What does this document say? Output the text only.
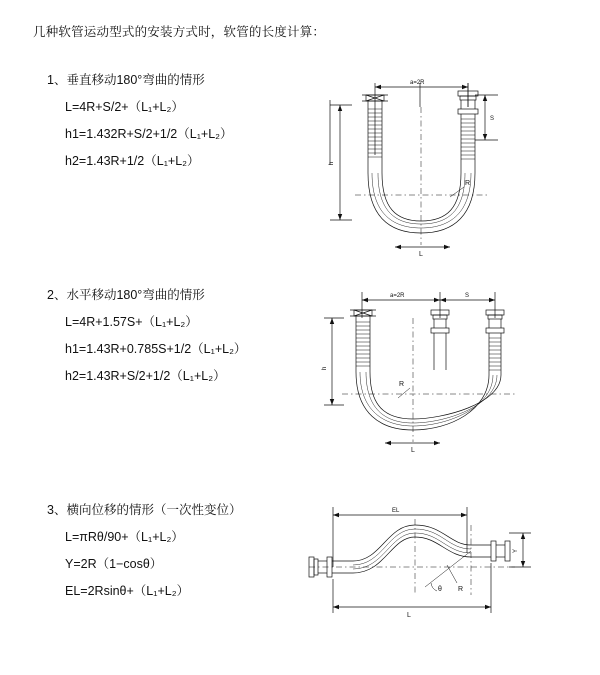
几种软管运动型式的安装方式时，软管的长度计算：
1、垂直移动180°弯曲的情形
L=4R+S/2+（L₁+L₂）
h1=1.432R+S/2+1/2（L₁+L₂）
h2=1.43R+1/2（L₁+L₂）
a=2R
S
h
R
L
2、水平移动180°弯曲的情形
L=4R+1.57S+（L₁+L₂）
h1=1.43R+0.785S+1/2（L₁+L₂）
h2=1.43R+S/2+1/2（L₁+L₂）
a=2R	S
h
R
L
3、横向位移的情形（一次性变位）
L=πRθ/90+（L₁+L₂）
Y=2R（1−cosθ）
EL=2Rsinθ+（L₁+L₂）
EL
Y
L
θ R
